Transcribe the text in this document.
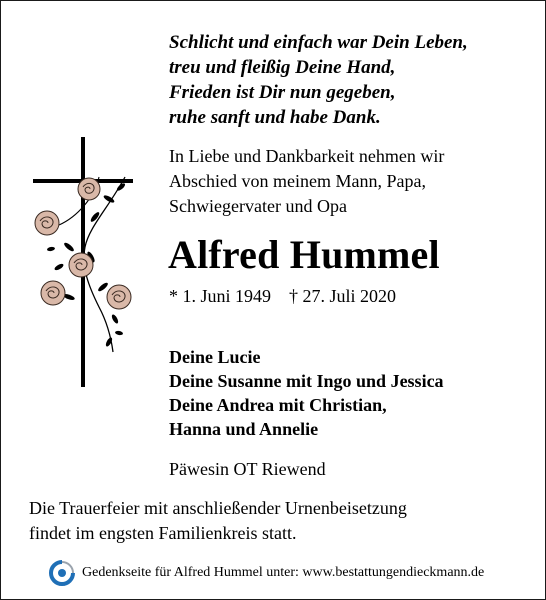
Schlicht und einfach war Dein Leben,
treu und fleißig Deine Hand,
Frieden ist Dir nun gegeben,
ruhe sanft und habe Dank.
In Liebe und Dankbarkeit nehmen wir
Abschied von meinem Mann, Papa,
Schwiegervater und Opa
Alfred Hummel
* 1. Juni 1949 † 27. Juli 2020
Deine Lucie
Deine Susanne mit Ingo und Jessica
Deine Andrea mit Christian,
Hanna und Annelie
Päwesin OT Riewend
Die Trauerfeier mit anschließender Urnenbeisetzung
findet im engsten Familienkreis statt.
Gedenkseite für Alfred Hummel unter: www.bestattungendieckmann.de
